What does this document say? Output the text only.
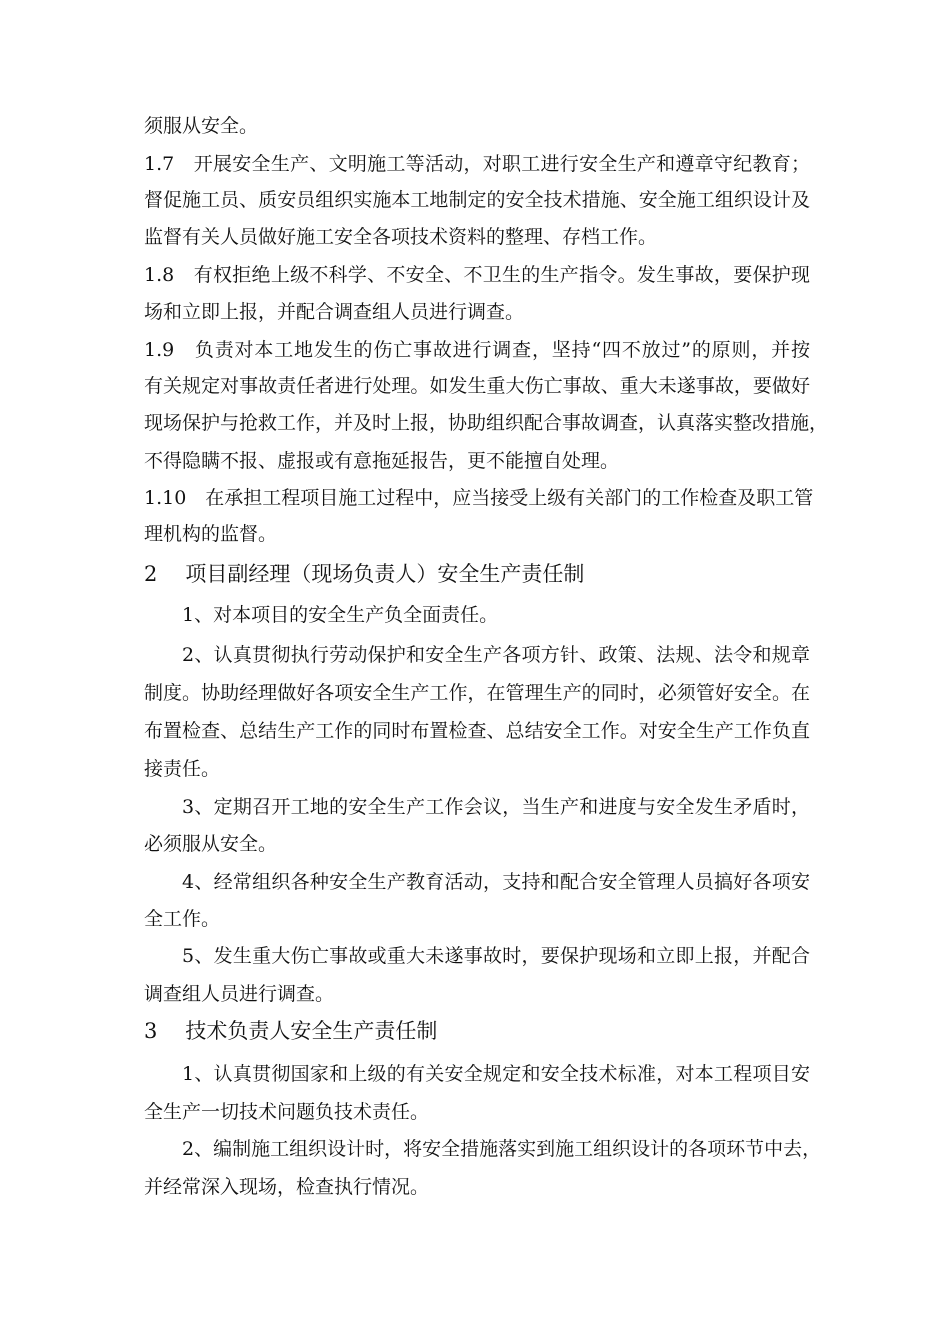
须服从安全。
1.7　开展安全生产、文明施工等活动，对职工进行安全生产和遵章守纪教育；
督促施工员、质安员组织实施本工地制定的安全技术措施、安全施工组织设计及
监督有关人员做好施工安全各项技术资料的整理、存档工作。
1.8　有权拒绝上级不科学、不安全、不卫生的生产指令。发生事故，要保护现
场和立即上报，并配合调查组人员进行调查。
1.9　负责对本工地发生的伤亡事故进行调查，坚持“四不放过”的原则，并按
有关规定对事故责任者进行处理。如发生重大伤亡事故、重大未遂事故，要做好
现场保护与抢救工作，并及时上报，协助组织配合事故调查，认真落实整改措施，
不得隐瞒不报、虚报或有意拖延报告，更不能擅自处理。
1.10　在承担工程项目施工过程中，应当接受上级有关部门的工作检查及职工管
理机构的监督。
2 项目副经理（现场负责人）安全生产责任制
1、对本项目的安全生产负全面责任。
2、认真贯彻执行劳动保护和安全生产各项方针、政策、法规、法令和规章
制度。协助经理做好各项安全生产工作，在管理生产的同时，必须管好安全。在
布置检查、总结生产工作的同时布置检查、总结安全工作。对安全生产工作负直
接责任。
3、定期召开工地的安全生产工作会议，当生产和进度与安全发生矛盾时，
必须服从安全。
4、经常组织各种安全生产教育活动，支持和配合安全管理人员搞好各项安
全工作。
5、发生重大伤亡事故或重大未遂事故时，要保护现场和立即上报，并配合
调查组人员进行调查。
3 技术负责人安全生产责任制
1、认真贯彻国家和上级的有关安全规定和安全技术标准，对本工程项目安
全生产一切技术问题负技术责任。
2、编制施工组织设计时，将安全措施落实到施工组织设计的各项环节中去，
并经常深入现场，检查执行情况。
